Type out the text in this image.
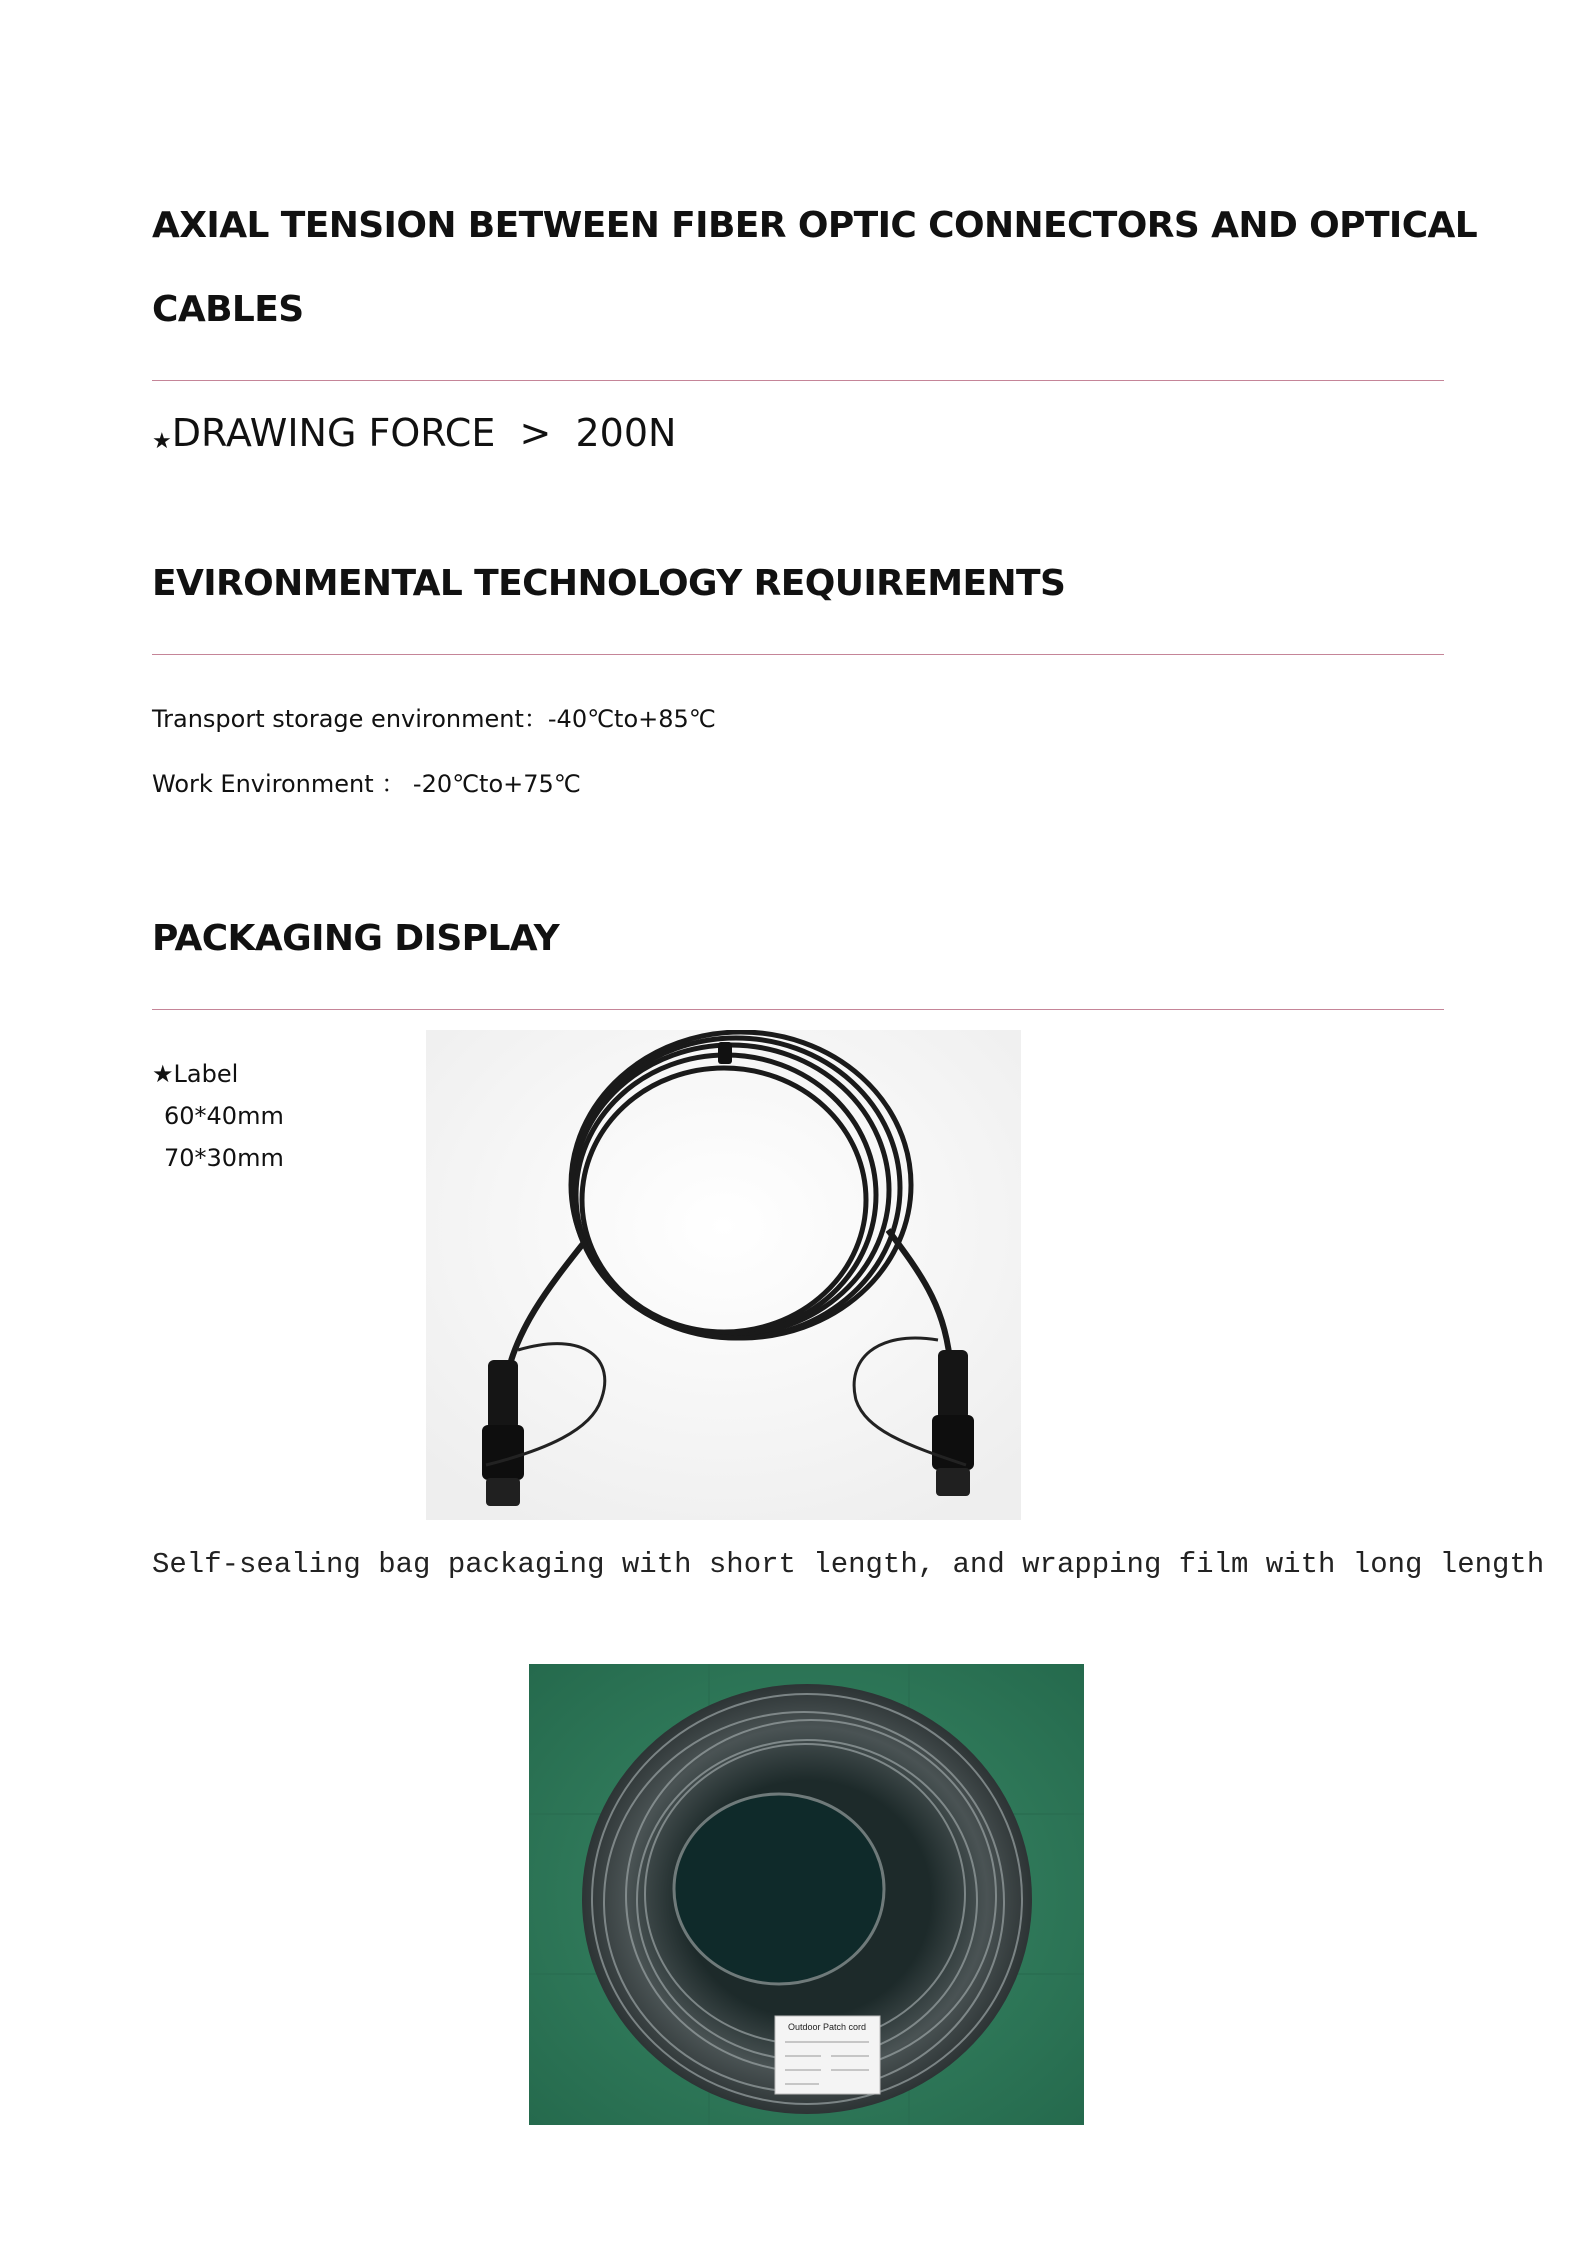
AXIAL TENSION BETWEEN FIBER OPTIC CONNECTORS AND OPTICAL
CABLES
★DRAWING FORCE  >  200N
EVIRONMENTAL TECHNOLOGY REQUIREMENTS
Transport storage environment：-40℃to+85℃
Work Environment ： -20℃to+75℃
PACKAGING DISPLAY
★Label
60*40mm
70*30mm
Self-sealing bag packaging with short length, and wrapping film with long length
Outdoor Patch cord
